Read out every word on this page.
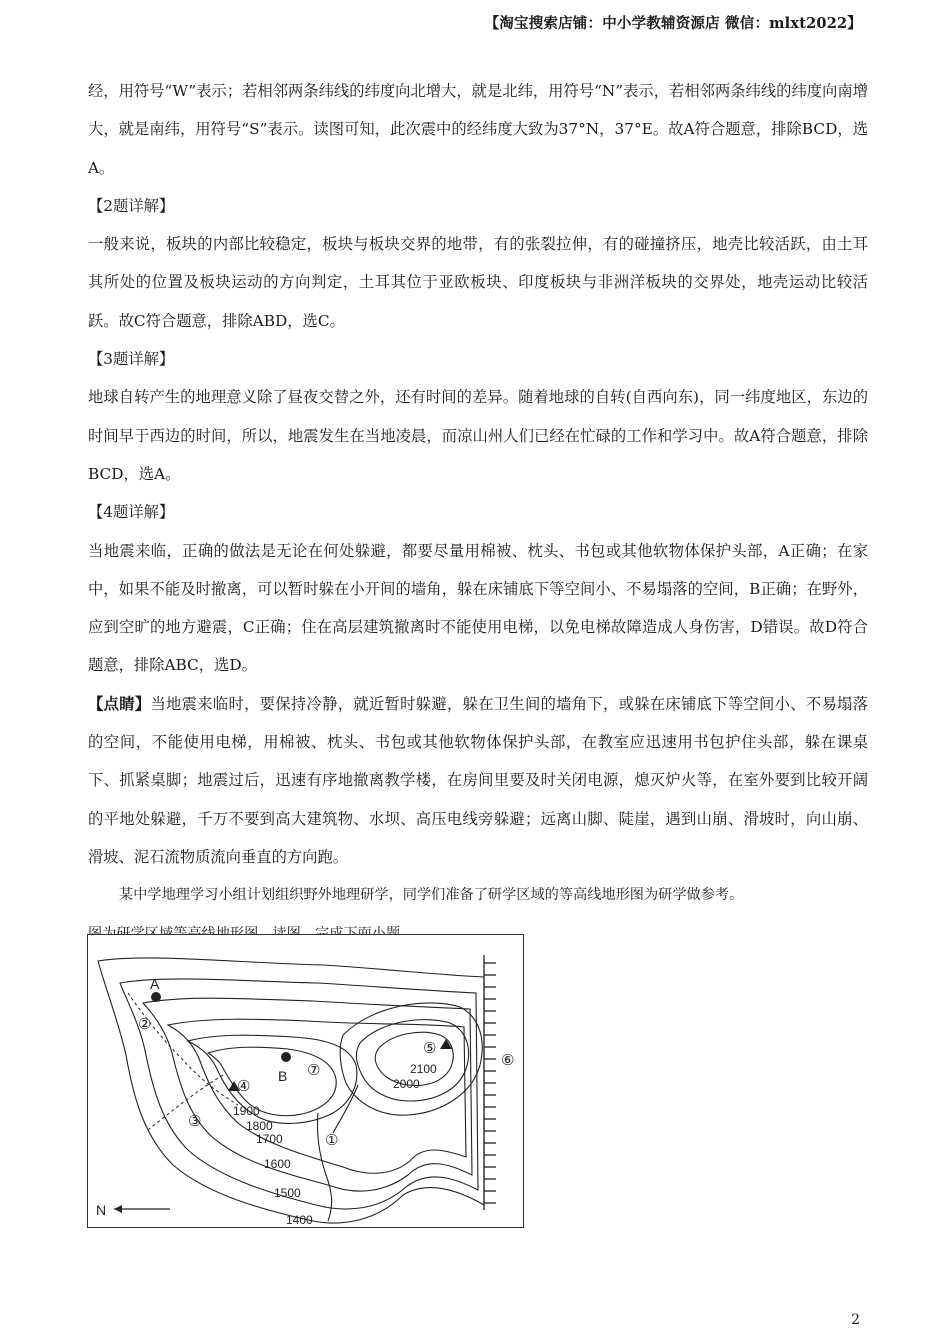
【淘宝搜索店铺：中小学教辅资源店 微信：mlxt2022】

经，用符号“W”表示；若相邻两条纬线的纬度向北增大，就是北纬，用符号“N”表示，若相邻两条纬线的纬度向南增大，就是南纬，用符号“S”表示。读图可知，此次震中的经纬度大致为37°N，37°E。故A符合题意，排除BCD，选A。

【2题详解】

一般来说，板块的内部比较稳定，板块与板块交界的地带，有的张裂拉伸，有的碰撞挤压，地壳比较活跃，由土耳其所处的位置及板块运动的方向判定，土耳其位于亚欧板块、印度板块与非洲洋板块的交界处，地壳运动比较活跃。故C符合题意，排除ABD，选C。

【3题详解】

地球自转产生的地理意义除了昼夜交替之外，还有时间的差异。随着地球的自转(自西向东)，同一纬度地区，东边的时间早于西边的时间，所以，地震发生在当地凌晨，而凉山州人们已经在忙碌的工作和学习中。故A符合题意，排除BCD，选A。

【4题详解】

当地震来临，正确的做法是无论在何处躲避，都要尽量用棉被、枕头、书包或其他软物体保护头部，A正确；在家中，如果不能及时撤离，可以暂时躲在小开间的墙角，躲在床铺底下等空间小、不易塌落的空间，B正确；在野外，应到空旷的地方避震，C正确；住在高层建筑撤离时不能使用电梯，以免电梯故障造成人身伤害，D错误。故D符合题意，排除ABC，选D。

【点睛】当地震来临时，要保持冷静，就近暂时躲避，躲在卫生间的墙角下，或躲在床铺底下等空间小、不易塌落的空间，不能使用电梯，用棉被、枕头、书包或其他软物体保护头部，在教室应迅速用书包护住头部，躲在课桌下、抓紧桌脚；地震过后，迅速有序地撤离教学楼，在房间里要及时关闭电源，熄灭炉火等，在室外要到比较开阔的平地处躲避，千万不要到高大建筑物、水坝、高压电线旁躲避；远离山脚、陡崖，遇到山崩、滑坡时，向山崩、滑坡、泥石流物质流向垂直的方向跑。

某中学地理学习小组计划组织野外地理研学，同学们准备了研学区域的等高线地形图为研学做参考。

A
B
N
2100
2000
1900
1800
1700
1600
1500
1400
①
②
③
④
⑤
⑥
⑦
2
